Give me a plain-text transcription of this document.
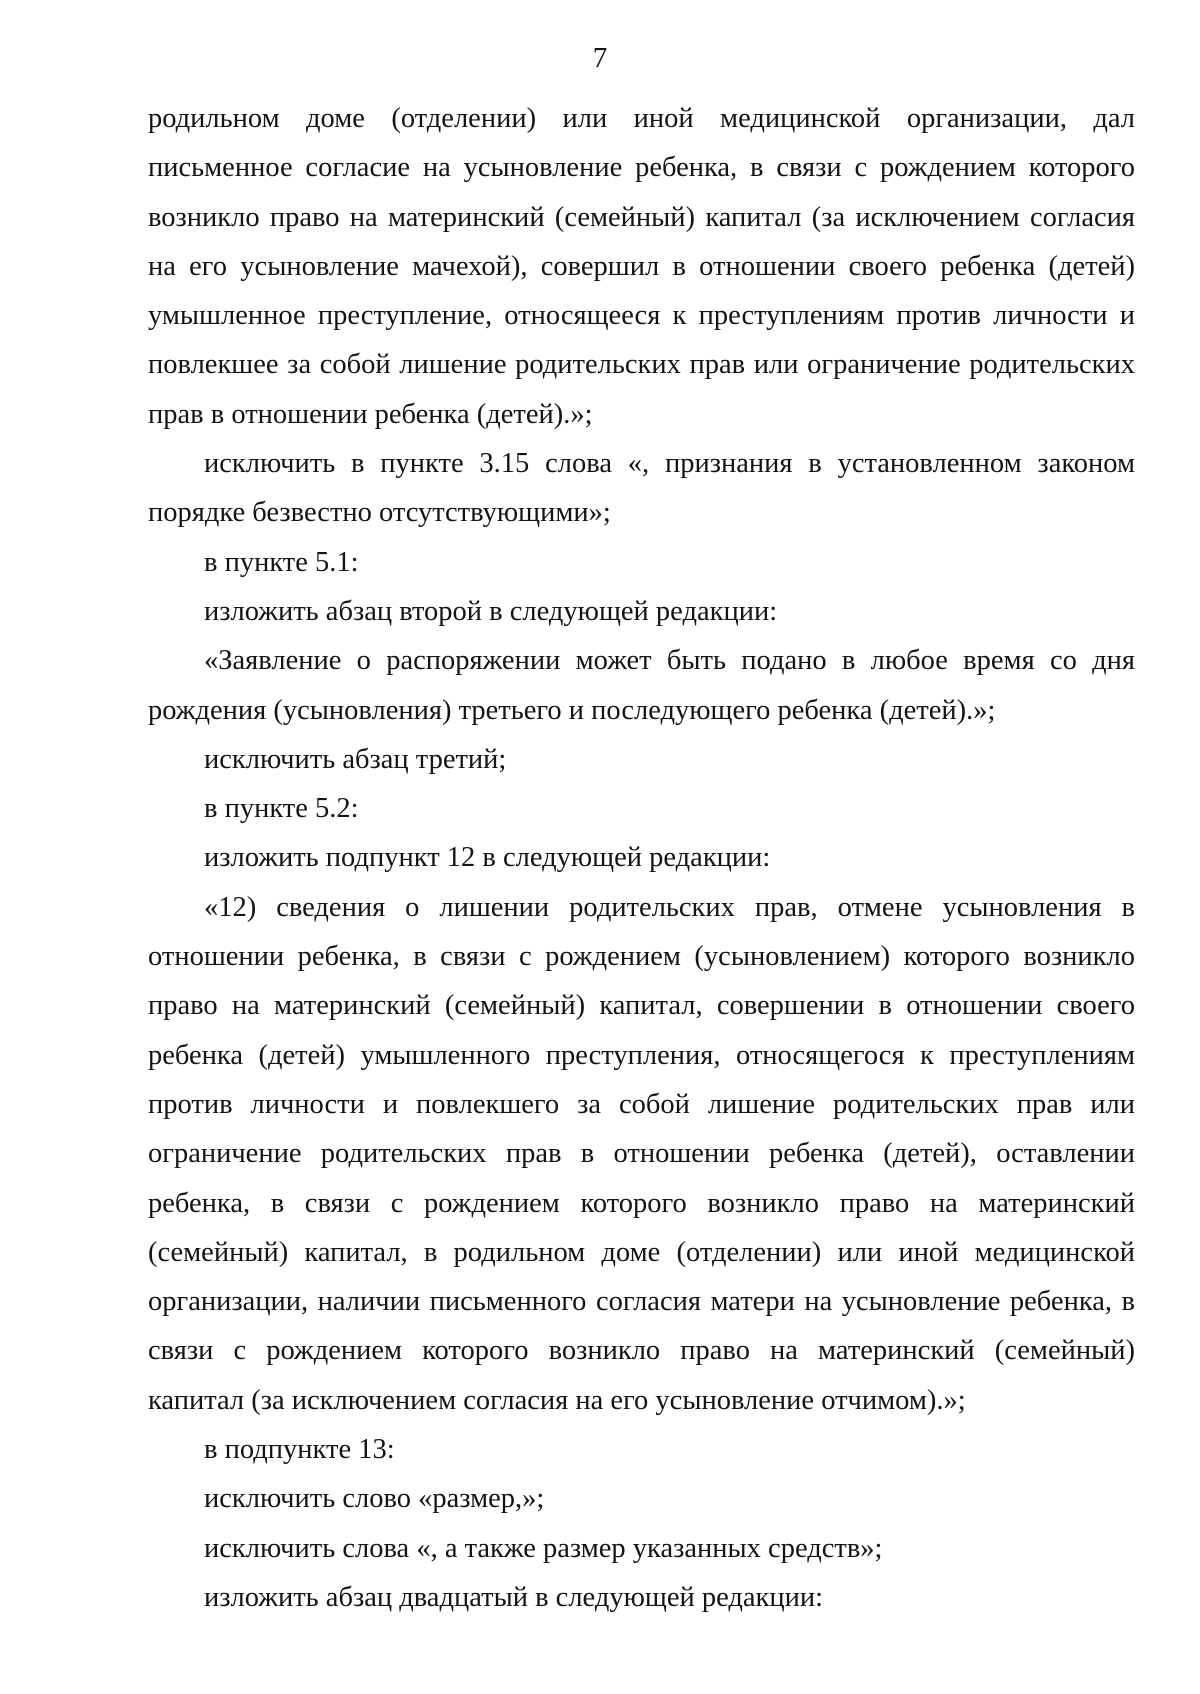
7
родильном доме (отделении) или иной медицинской организации, дал
письменное согласие на усыновление ребенка, в связи с рождением которого
возникло право на материнский (семейный) капитал (за исключением согласия
на его усыновление мачехой), совершил в отношении своего ребенка (детей)
умышленное преступление, относящееся к преступлениям против личности и
повлекшее за собой лишение родительских прав или ограничение родительских
прав в отношении ребенка (детей).»;
исключить в пункте 3.15 слова «, признания в установленном законом
порядке безвестно отсутствующими»;
в пункте 5.1:
изложить абзац второй в следующей редакции:
«Заявление о распоряжении может быть подано в любое время со дня
рождения (усыновления) третьего и последующего ребенка (детей).»;
исключить абзац третий;
в пункте 5.2:
изложить подпункт 12 в следующей редакции:
«12) сведения о лишении родительских прав, отмене усыновления в
отношении ребенка, в связи с рождением (усыновлением) которого возникло
право на материнский (семейный) капитал, совершении в отношении своего
ребенка (детей) умышленного преступления, относящегося к преступлениям
против личности и повлекшего за собой лишение родительских прав или
ограничение родительских прав в отношении ребенка (детей), оставлении
ребенка, в связи с рождением которого возникло право на материнский
(семейный) капитал, в родильном доме (отделении) или иной медицинской
организации, наличии письменного согласия матери на усыновление ребенка, в
связи с рождением которого возникло право на материнский (семейный)
капитал (за исключением согласия на его усыновление отчимом).»;
в подпункте 13:
исключить слово «размер,»;
исключить слова «, а также размер указанных средств»;
изложить абзац двадцатый в следующей редакции:
